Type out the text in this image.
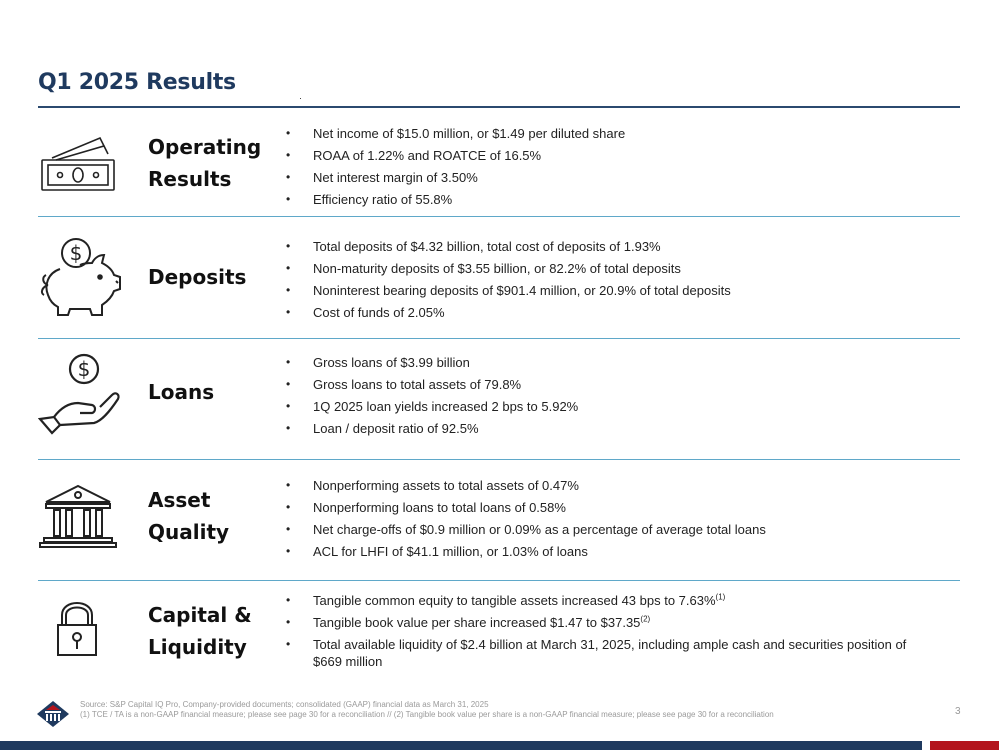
Q1 2025 Results
Operating
Results
• Net income of $15.0 million, or $1.49 per diluted share
• ROAA of 1.22% and ROATCE of 16.5%
• Net interest margin of 3.50%
• Efficiency ratio of 55.8%
$
Deposits
• Total deposits of $4.32 billion, total cost of deposits of 1.93%
• Non-maturity deposits of $3.55 billion, or 82.2% of total deposits
• Noninterest bearing deposits of $901.4 million, or 20.9% of total deposits
• Cost of funds of 2.05%
$
Loans
• Gross loans of $3.99 billion
• Gross loans to total assets of 79.8%
• 1Q 2025 loan yields increased 2 bps to 5.92%
• Loan / deposit ratio of 92.5%
Asset
Quality
• Nonperforming assets to total assets of 0.47%
• Nonperforming loans to total loans of 0.58%
• Net charge-offs of $0.9 million or 0.09% as a percentage of average total loans
• ACL for LHFI of $41.1 million, or 1.03% of loans
Capital &
Liquidity
• Tangible common equity to tangible assets increased 43 bps to 7.63%$^{(1)}$
• Tangible book value per share increased $1.47 to $37.35$^{(2)}$
• Total available liquidity of $2.4 billion at March 31, 2025, including ample cash and securities position of $669 million
Source: S&P Capital IQ Pro, Company-provided documents; consolidated (GAAP) financial data as March 31, 2025
(1) TCE / TA is a non-GAAP financial measure; please see page 30 for a reconciliation // (2) Tangible book value per share is a non-GAAP financial measure; please see page 30 for a reconciliation	3
